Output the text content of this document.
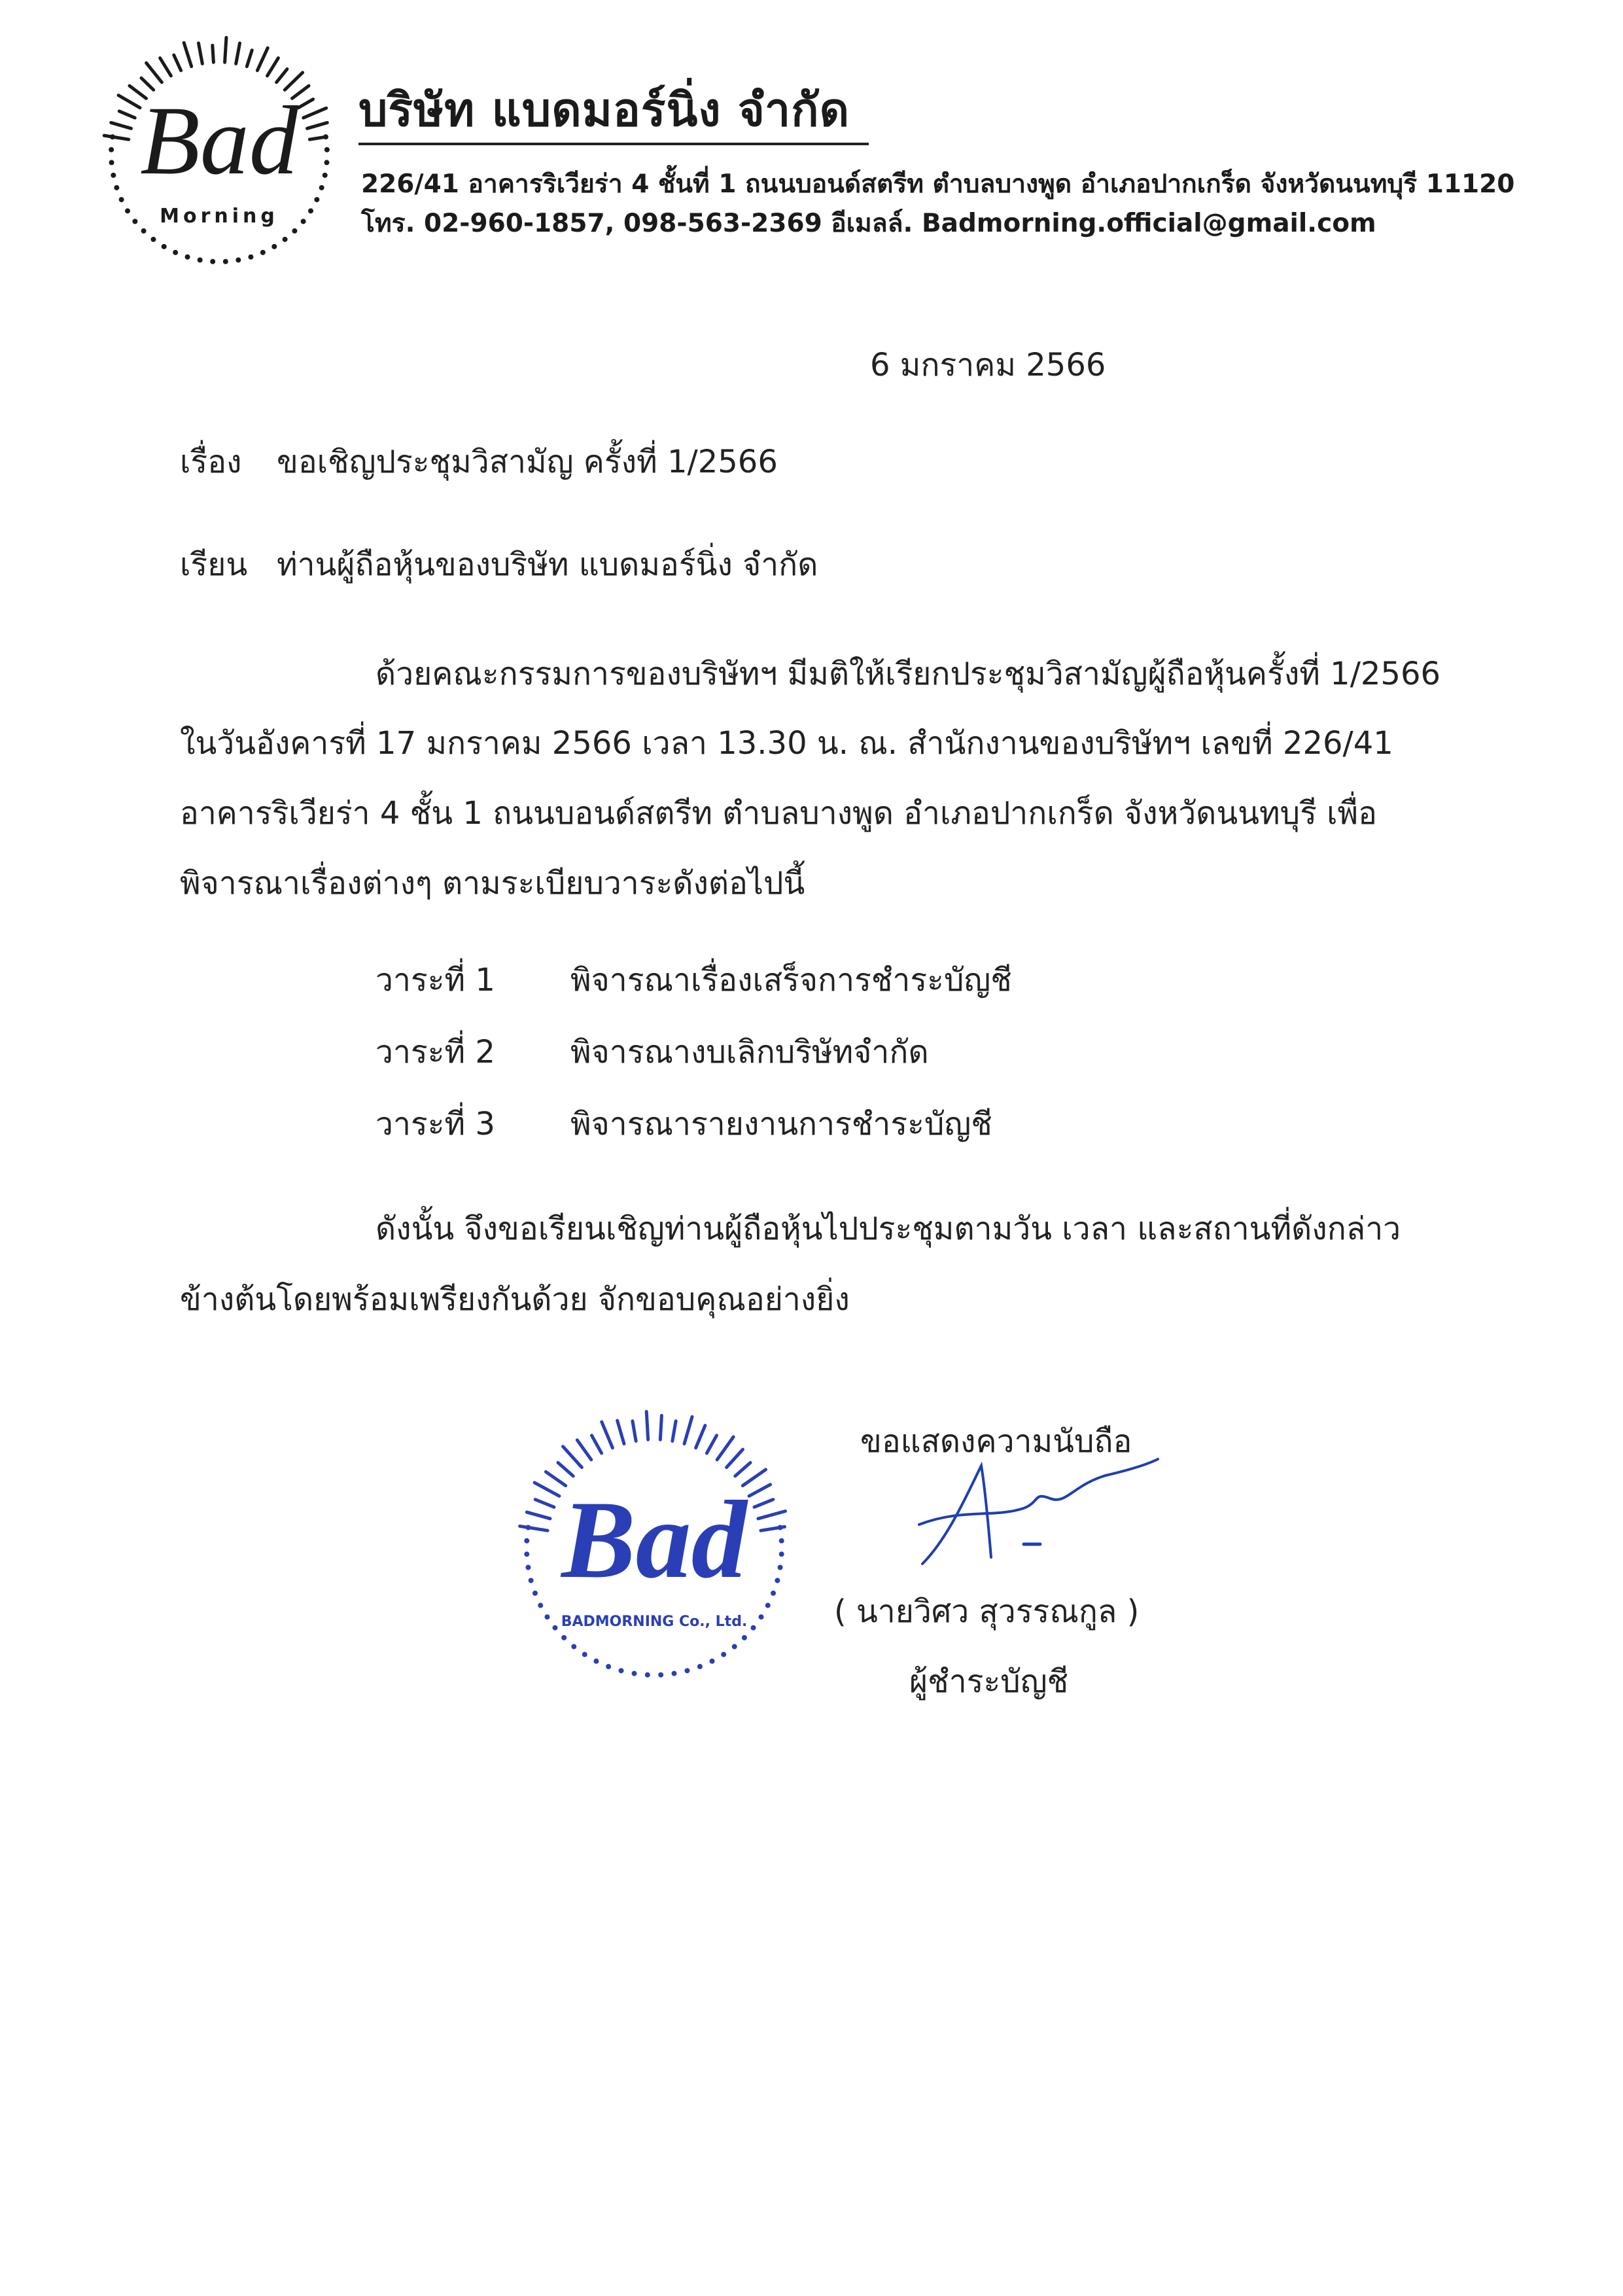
Bad
Morning
บริษัท แบดมอร์นิ่ง จำกัด
226/41 อาคารริเวียร่า 4 ชั้นที่ 1 ถนนบอนด์สตรีท ตำบลบางพูด อำเภอปากเกร็ด จังหวัดนนทบุรี 11120
โทร. 02-960-1857, 098-563-2369 อีเมลล์. Badmorning.official@gmail.com
6 มกราคม 2566
เรื่อง ขอเชิญประชุมวิสามัญ ครั้งที่ 1/2566
เรียน ท่านผู้ถือหุ้นของบริษัท แบดมอร์นิ่ง จำกัด
ด้วยคณะกรรมการของบริษัทฯ มีมติให้เรียกประชุมวิสามัญผู้ถือหุ้นครั้งที่ 1/2566
ในวันอังคารที่ 17 มกราคม 2566 เวลา 13.30 น. ณ. สำนักงานของบริษัทฯ เลขที่ 226/41
อาคารริเวียร่า 4 ชั้น 1 ถนนบอนด์สตรีท ตำบลบางพูด อำเภอปากเกร็ด จังหวัดนนทบุรี เพื่อ
พิจารณาเรื่องต่างๆ ตามระเบียบวาระดังต่อไปนี้
วาระที่ 1 พิจารณาเรื่องเสร็จการชำระบัญชี
วาระที่ 2 พิจารณางบเลิกบริษัทจำกัด
วาระที่ 3 พิจารณารายงานการชำระบัญชี
ดังนั้น จึงขอเรียนเชิญท่านผู้ถือหุ้นไปประชุมตามวัน เวลา และสถานที่ดังกล่าว
ข้างต้นโดยพร้อมเพรียงกันด้วย จักขอบคุณอย่างยิ่ง
Bad
BADMORNING Co., Ltd.
ขอแสดงความนับถือ
( นายวิศว สุวรรณกูล )
ผู้ชำระบัญชี
